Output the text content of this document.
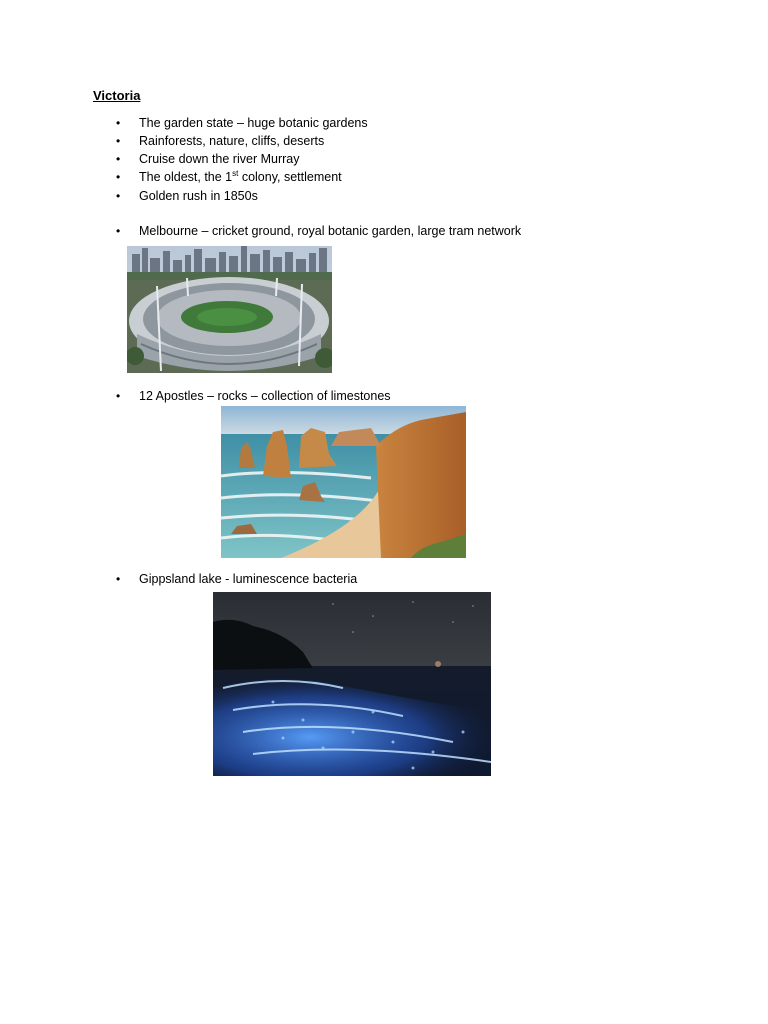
Victoria
• The garden state – huge botanic gardens
• Rainforests, nature, cliffs, deserts
• Cruise down the river Murray
• The oldest, the 1st colony, settlement
• Golden rush in 1850s
• Melbourne – cricket ground, royal botanic garden, large tram network
• 12 Apostles – rocks – collection of limestones
• Gippsland lake - luminescence bacteria
